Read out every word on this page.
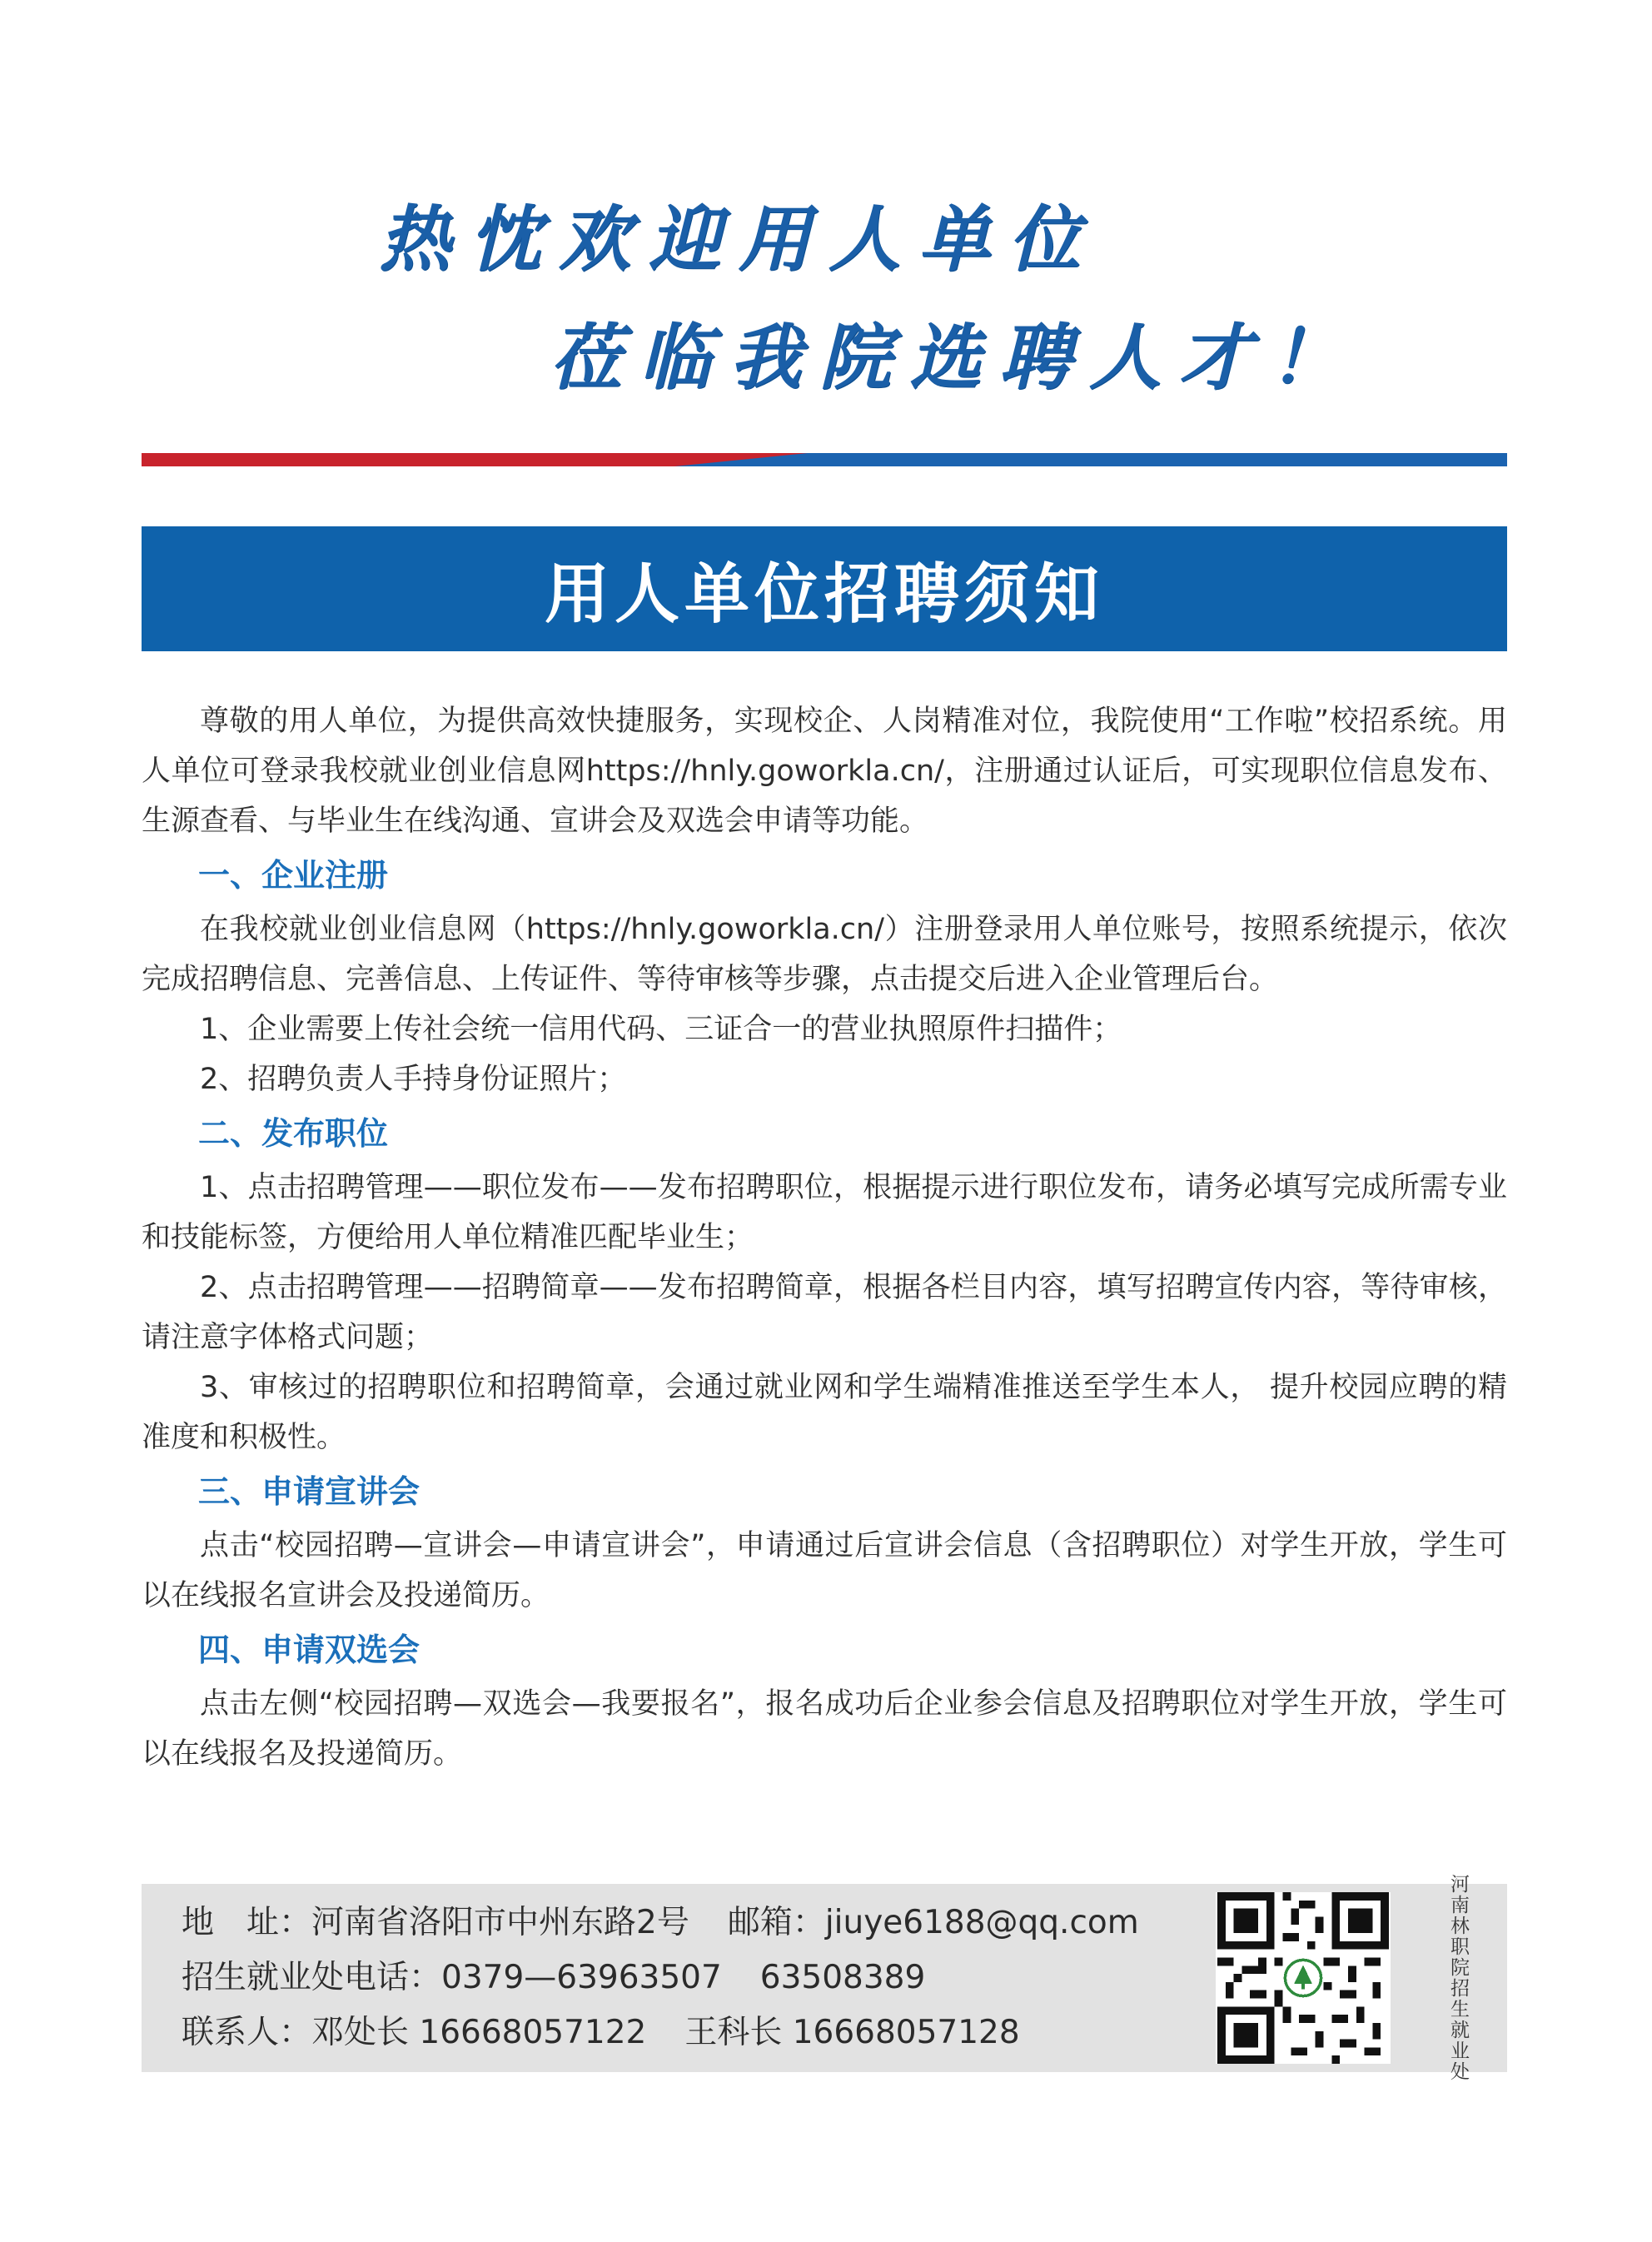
热忱欢迎用人单位
莅临我院选聘人才！
用人单位招聘须知

尊敬的用人单位，为提供高效快捷服务，实现校企、人岗精准对位，我院使用“工作啦”校招系统。用人单位可登录我校就业创业信息网https://hnly.goworkla.cn/，注册通过认证后，可实现职位信息发布、生源查看、与毕业生在线沟通、宣讲会及双选会申请等功能。

一、企业注册

在我校就业创业信息网（https://hnly.goworkla.cn/）注册登录用人单位账号，按照系统提示，依次完成招聘信息、完善信息、上传证件、等待审核等步骤，点击提交后进入企业管理后台。

1、企业需要上传社会统一信用代码、三证合一的营业执照原件扫描件；

2、招聘负责人手持身份证照片；

二、发布职位

1、点击招聘管理——职位发布——发布招聘职位，根据提示进行职位发布，请务必填写完成所需专业和技能标签，方便给用人单位精准匹配毕业生；

2、点击招聘管理——招聘简章——发布招聘简章，根据各栏目内容，填写招聘宣传内容，等待审核，请注意字体格式问题；

3、审核过的招聘职位和招聘简章，会通过就业网和学生端精准推送至学生本人， 提升校园应聘的精准度和积极性。

三、申请宣讲会

点击“校园招聘—宣讲会—申请宣讲会”，申请通过后宣讲会信息（含招聘职位）对学生开放，学生可以在线报名宣讲会及投递简历。

四、申请双选会

点击左侧“校园招聘—双选会—我要报名”，报名成功后企业参会信息及招聘职位对学生开放，学生可以在线报名及投递简历。

地　址：河南省洛阳市中州东路2号 邮箱：jiuye6188@qq.com
招生就业处电话：0379—63963507 63508389
联系人：邓处长 16668057122 王科长 16668057128	河南林职院招生就业处
